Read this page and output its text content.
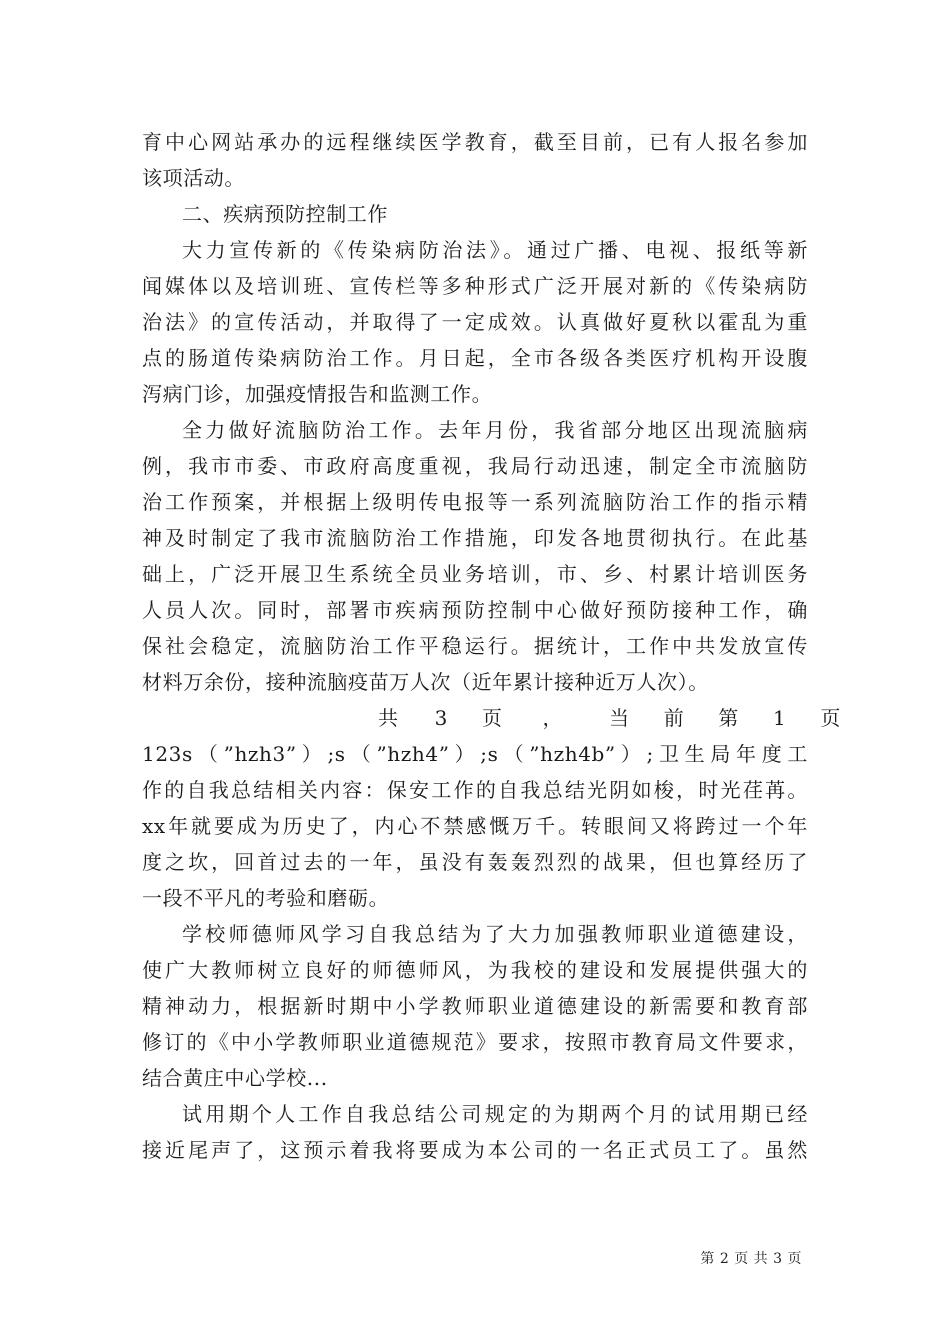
育中心网站承办的远程继续医学教育，截至目前，已有人报名参加
该项活动。
二、疾病预防控制工作
大力宣传新的《传染病防治法》。通过广播、电视、报纸等新
闻媒体以及培训班、宣传栏等多种形式广泛开展对新的《传染病防
治法》的宣传活动，并取得了一定成效。认真做好夏秋以霍乱为重
点的肠道传染病防治工作。月日起，全市各级各类医疗机构开设腹
泻病门诊，加强疫情报告和监测工作。
全力做好流脑防治工作。去年月份，我省部分地区出现流脑病
例，我市市委、市政府高度重视，我局行动迅速，制定全市流脑防
治工作预案，并根据上级明传电报等一系列流脑防治工作的指示精
神及时制定了我市流脑防治工作措施，印发各地贯彻执行。在此基
础上，广泛开展卫生系统全员业务培训，市、乡、村累计培训医务
人员人次。同时，部署市疾病预防控制中心做好预防接种工作，确
保社会稳定，流脑防治工作平稳运行。据统计，工作中共发放宣传
材料万余份，接种流脑疫苗万人次（近年累计接种近万人次）。
共 3 页 ， 当 前 第 1 页
123s（”hzh3”）;s（”hzh4”）;s（”hzh4b”）;卫生局年度工
作的自我总结相关内容：保安工作的自我总结光阴如梭，时光荏苒。
xx年就要成为历史了，内心不禁感慨万千。转眼间又将跨过一个年
度之坎，回首过去的一年，虽没有轰轰烈烈的战果，但也算经历了
一段不平凡的考验和磨砺。
学校师德师风学习自我总结为了大力加强教师职业道德建设，
使广大教师树立良好的师德师风，为我校的建设和发展提供强大的
精神动力，根据新时期中小学教师职业道德建设的新需要和教育部
修订的《中小学教师职业道德规范》要求，按照市教育局文件要求，
结合黄庄中心学校...
试用期个人工作自我总结公司规定的为期两个月的试用期已经
接近尾声了，这预示着我将要成为本公司的一名正式员工了。虽然
第 2 页 共 3 页
